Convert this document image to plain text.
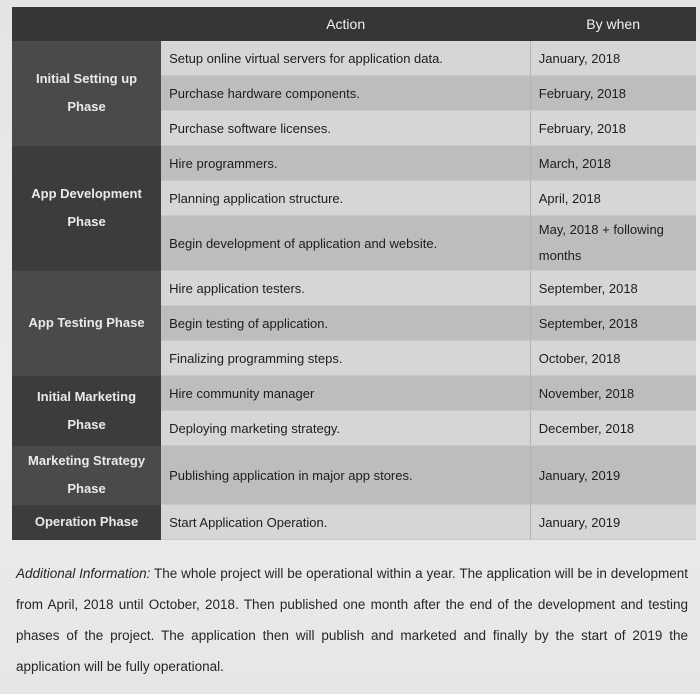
	Action	By when

Initial Setting up
Phase	Setup online virtual servers for application data.	January, 2018
	Purchase hardware components.	February, 2018
	Purchase software licenses.	February, 2018

App Development
Phase	Hire programmers.	March, 2018
	Planning application structure.	April, 2018
	Begin development of application and website.	May, 2018 + following months

App Testing Phase	Hire application testers.	September, 2018
	Begin testing of application.	September, 2018
	Finalizing programming steps.	October, 2018

Initial Marketing
Phase	Hire community manager	November, 2018
	Deploying marketing strategy.	December, 2018

Marketing Strategy
Phase	Publishing application in major app stores.	January, 2019

Operation Phase	Start Application Operation.	January, 2019
Additional Information: The whole project will be operational within a year. The application will be in development from April, 2018 until October, 2018. Then published one month after the end of the development and testing phases of the project. The application then will publish and marketed and finally by the start of 2019 the application will be fully operational.
